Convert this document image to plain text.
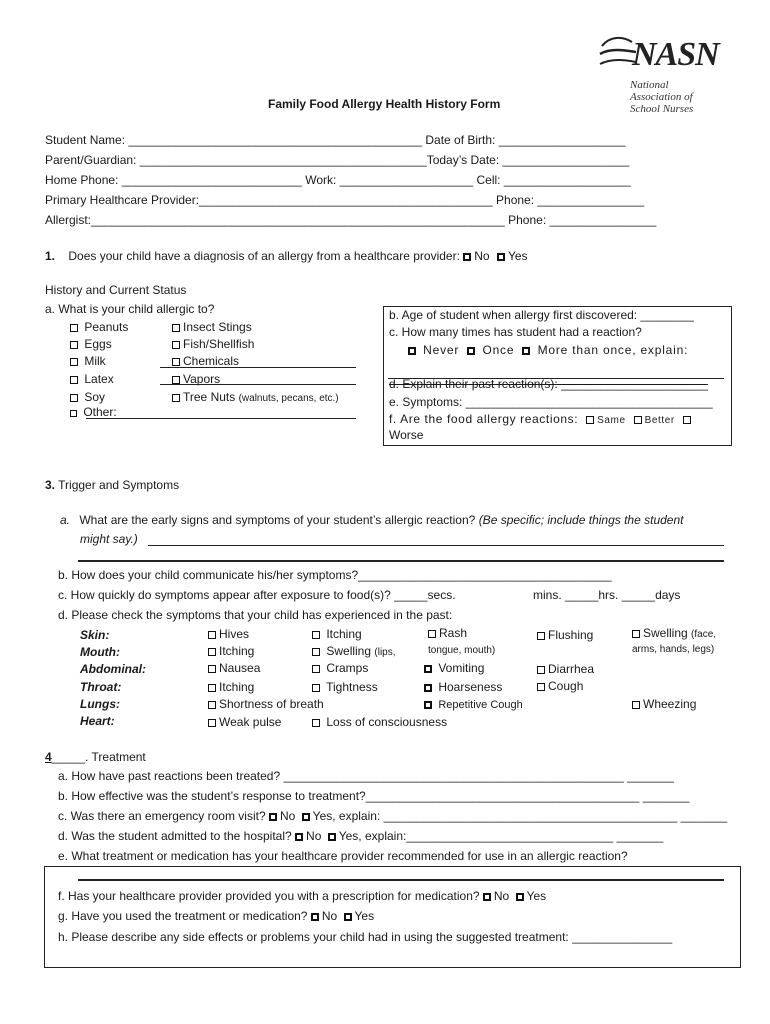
NASN
National
Association of
School Nurses
Family Food Allergy Health History Form
Student Name: ____________________________________________ Date of Birth: ___________________
Parent/Guardian: ___________________________________________Today’s Date: ___________________
Home Phone: ___________________________ Work: ____________________ Cell: ___________________
Primary Healthcare Provider:____________________________________________ Phone: ________________
Allergist:______________________________________________________________ Phone: ________________
1. Does your child have a diagnosis of an allergy from a healthcare provider: No Yes
History and Current Status
a. What is your child allergic to?
Peanuts
Eggs
Milk
Latex
Soy
Other:
Insect Stings
Fish/Shellfish
Chemicals
Vapors
Tree Nuts (walnuts, pecans, etc.)
b. Age of student when allergy first discovered: ________
c. How many times has student had a reaction?
Never Once More than once, explain:
d. Explain their past reaction(s): ______________________
e. Symptoms: _____________________________________
f. Are the food allergy reactions: Same Better
Worse
3. Trigger and Symptoms
a. What are the early signs and symptoms of your student’s allergic reaction? (Be specific; include things the student
might say.)
b. How does your child communicate his/her symptoms?______________________________________
c. How quickly do symptoms appear after exposure to food(s)? _____secs.	mins. _____hrs. _____days
d. Please check the symptoms that your child has experienced in the past:
Skin:
Mouth:
Abdominal:
Throat:
Lungs:
Heart:
Hives
Itching
Nausea
Itching
Shortness of breath
Weak pulse
Itching
Swelling (lips,
Cramps
Tightness
Loss of consciousness
Rash
tongue, mouth)
Vomiting
Hoarseness
Repetitive Cough
Flushing
Diarrhea
Cough
Swelling (face,
arms, hands, legs)
Wheezing
4_____. Treatment
a. How have past reactions been treated? ___________________________________________________ _______
b. How effective was the student’s response to treatment?_________________________________________ _______
c. Was there an emergency room visit? No Yes, explain: ____________________________________________ _______
d. Was the student admitted to the hospital? No Yes, explain:_______________________________ _______
e. What treatment or medication has your healthcare provider recommended for use in an allergic reaction?
f. Has your healthcare provider provided you with a prescription for medication? No Yes
g. Have you used the treatment or medication? No Yes
h. Please describe any side effects or problems your child had in using the suggested treatment: _______________
